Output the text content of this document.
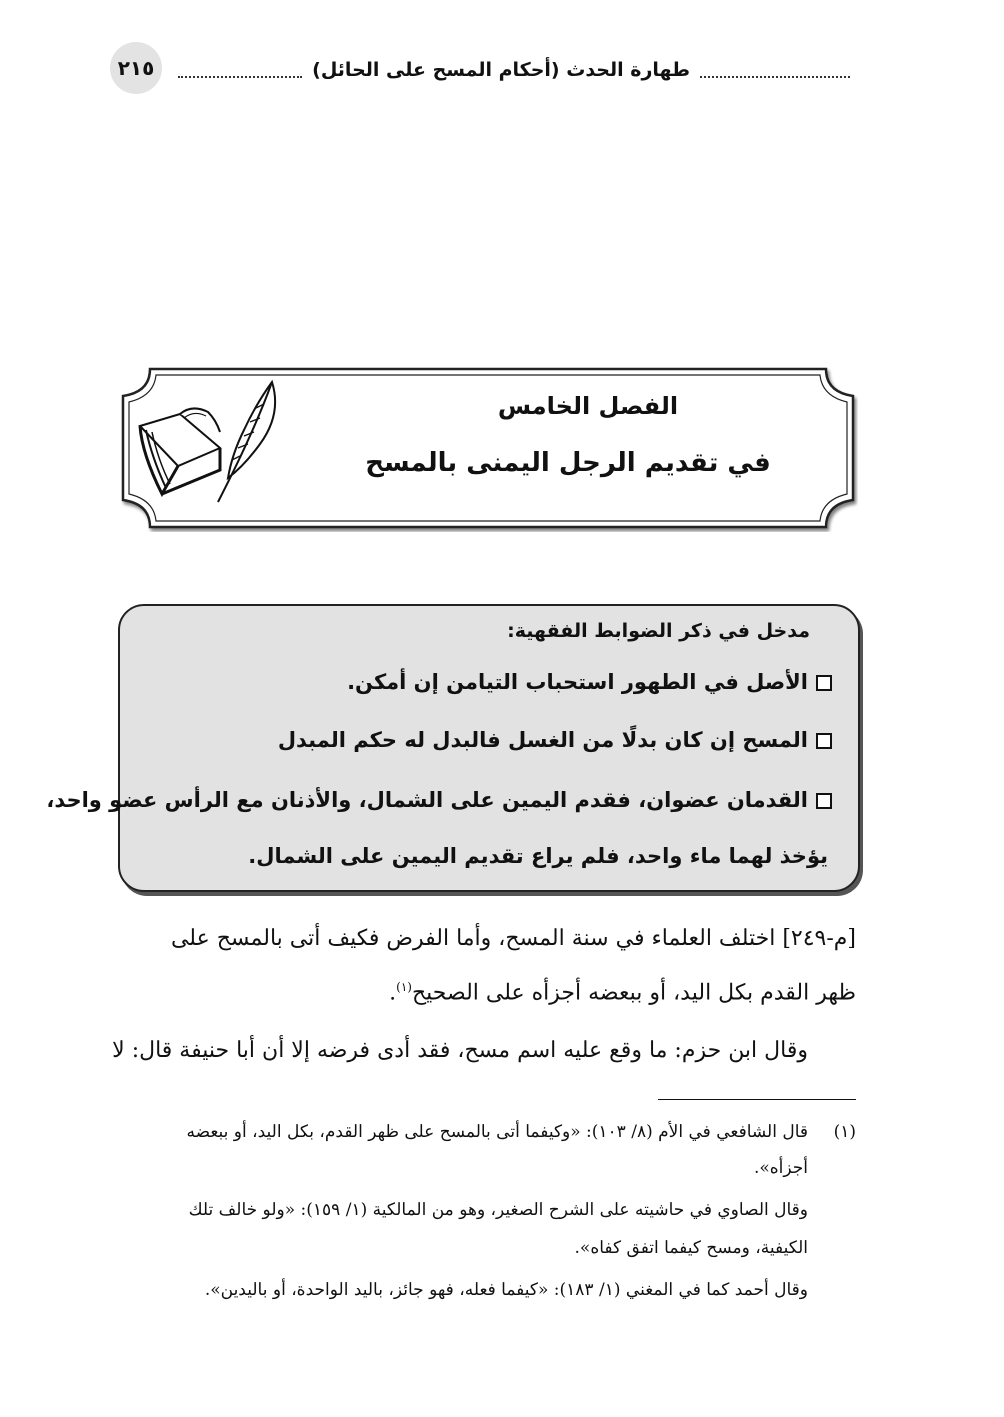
٢١٥	طهارة الحدث (أحكام المسح على الحائل)
الفصل الخامس
في تقديم الرجل اليمنى بالمسح
مدخل في ذكر الضوابط الفقهية:
الأصل في الطهور استحباب التيامن إن أمكن.
المسح إن كان بدلًا من الغسل فالبدل له حكم المبدل
القدمان عضوان، فقدم اليمين على الشمال، والأذنان مع الرأس عضو واحد،
يؤخذ لهما ماء واحد، فلم يراع تقديم اليمين على الشمال.
[م-٢٤٩] اختلف العلماء في سنة المسح، وأما الفرض فكيف أتى بالمسح على
ظهر القدم بكل اليد، أو ببعضه أجزأه على الصحيح$^{(١)}$.
وقال ابن حزم: ما وقع عليه اسم مسح، فقد أدى فرضه إلا أن أبا حنيفة قال: لا
(١)
قال الشافعي في الأم (٨/ ١٠٣): «وكيفما أتى بالمسح على ظهر القدم، بكل اليد، أو ببعضه
أجزأه».
وقال الصاوي في حاشيته على الشرح الصغير، وهو من المالكية (١/ ١٥٩): «ولو خالف تلك
الكيفية، ومسح كيفما اتفق كفاه».
وقال أحمد كما في المغني (١/ ١٨٣): «كيفما فعله، فهو جائز، باليد الواحدة، أو باليدين».
